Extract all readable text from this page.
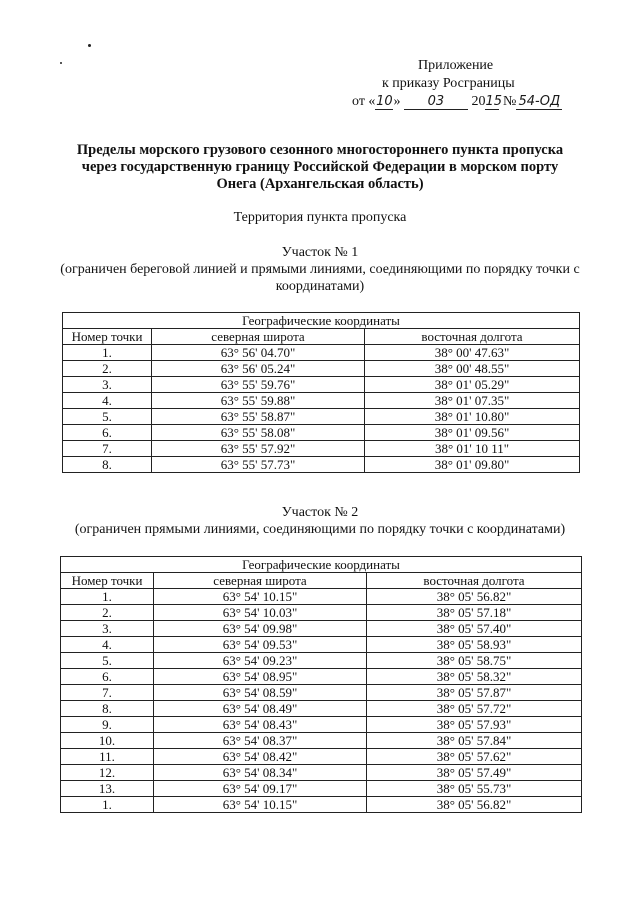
Приложение
к приказу Росграницы
от «10» 03 2015 № 54-ОД
Пределы морского грузового сезонного многостороннего пункта пропуска
через государственную границу Российской Федерации в морском порту
Онега (Архангельская область)
Территория пункта пропуска
Участок № 1
(ограничен береговой линией и прямыми линиями, соединяющими по порядку точки с
координатами)
Географические координаты		
Номер точки	северная широта	восточная долгота
1.	63° 56' 04.70"	38° 00' 47.63"
2.	63° 56' 05.24"	38° 00' 48.55"
3.	63° 55' 59.76"	38° 01' 05.29"
4.	63° 55' 59.88"	38° 01' 07.35"
5.	63° 55' 58.87"	38° 01' 10.80"
6.	63° 55' 58.08"	38° 01' 09.56"
7.	63° 55' 57.92"	38° 01' 10 11"
8.	63° 55' 57.73"	38° 01' 09.80"
Участок № 2
(ограничен прямыми линиями, соединяющими по порядку точки с координатами)
Географические координаты		
Номер точки	северная широта	восточная долгота
1.	63° 54' 10.15"	38° 05' 56.82"
2.	63° 54' 10.03"	38° 05' 57.18"
3.	63° 54' 09.98"	38° 05' 57.40"
4.	63° 54' 09.53"	38° 05' 58.93"
5.	63° 54' 09.23"	38° 05' 58.75"
6.	63° 54' 08.95"	38° 05' 58.32"
7.	63° 54' 08.59"	38° 05' 57.87"
8.	63° 54' 08.49"	38° 05' 57.72"
9.	63° 54' 08.43"	38° 05' 57.93"
10.	63° 54' 08.37"	38° 05' 57.84"
11.	63° 54' 08.42"	38° 05' 57.62"
12.	63° 54' 08.34"	38° 05' 57.49"
13.	63° 54' 09.17"	38° 05' 55.73"
1.	63° 54' 10.15"	38° 05' 56.82"
